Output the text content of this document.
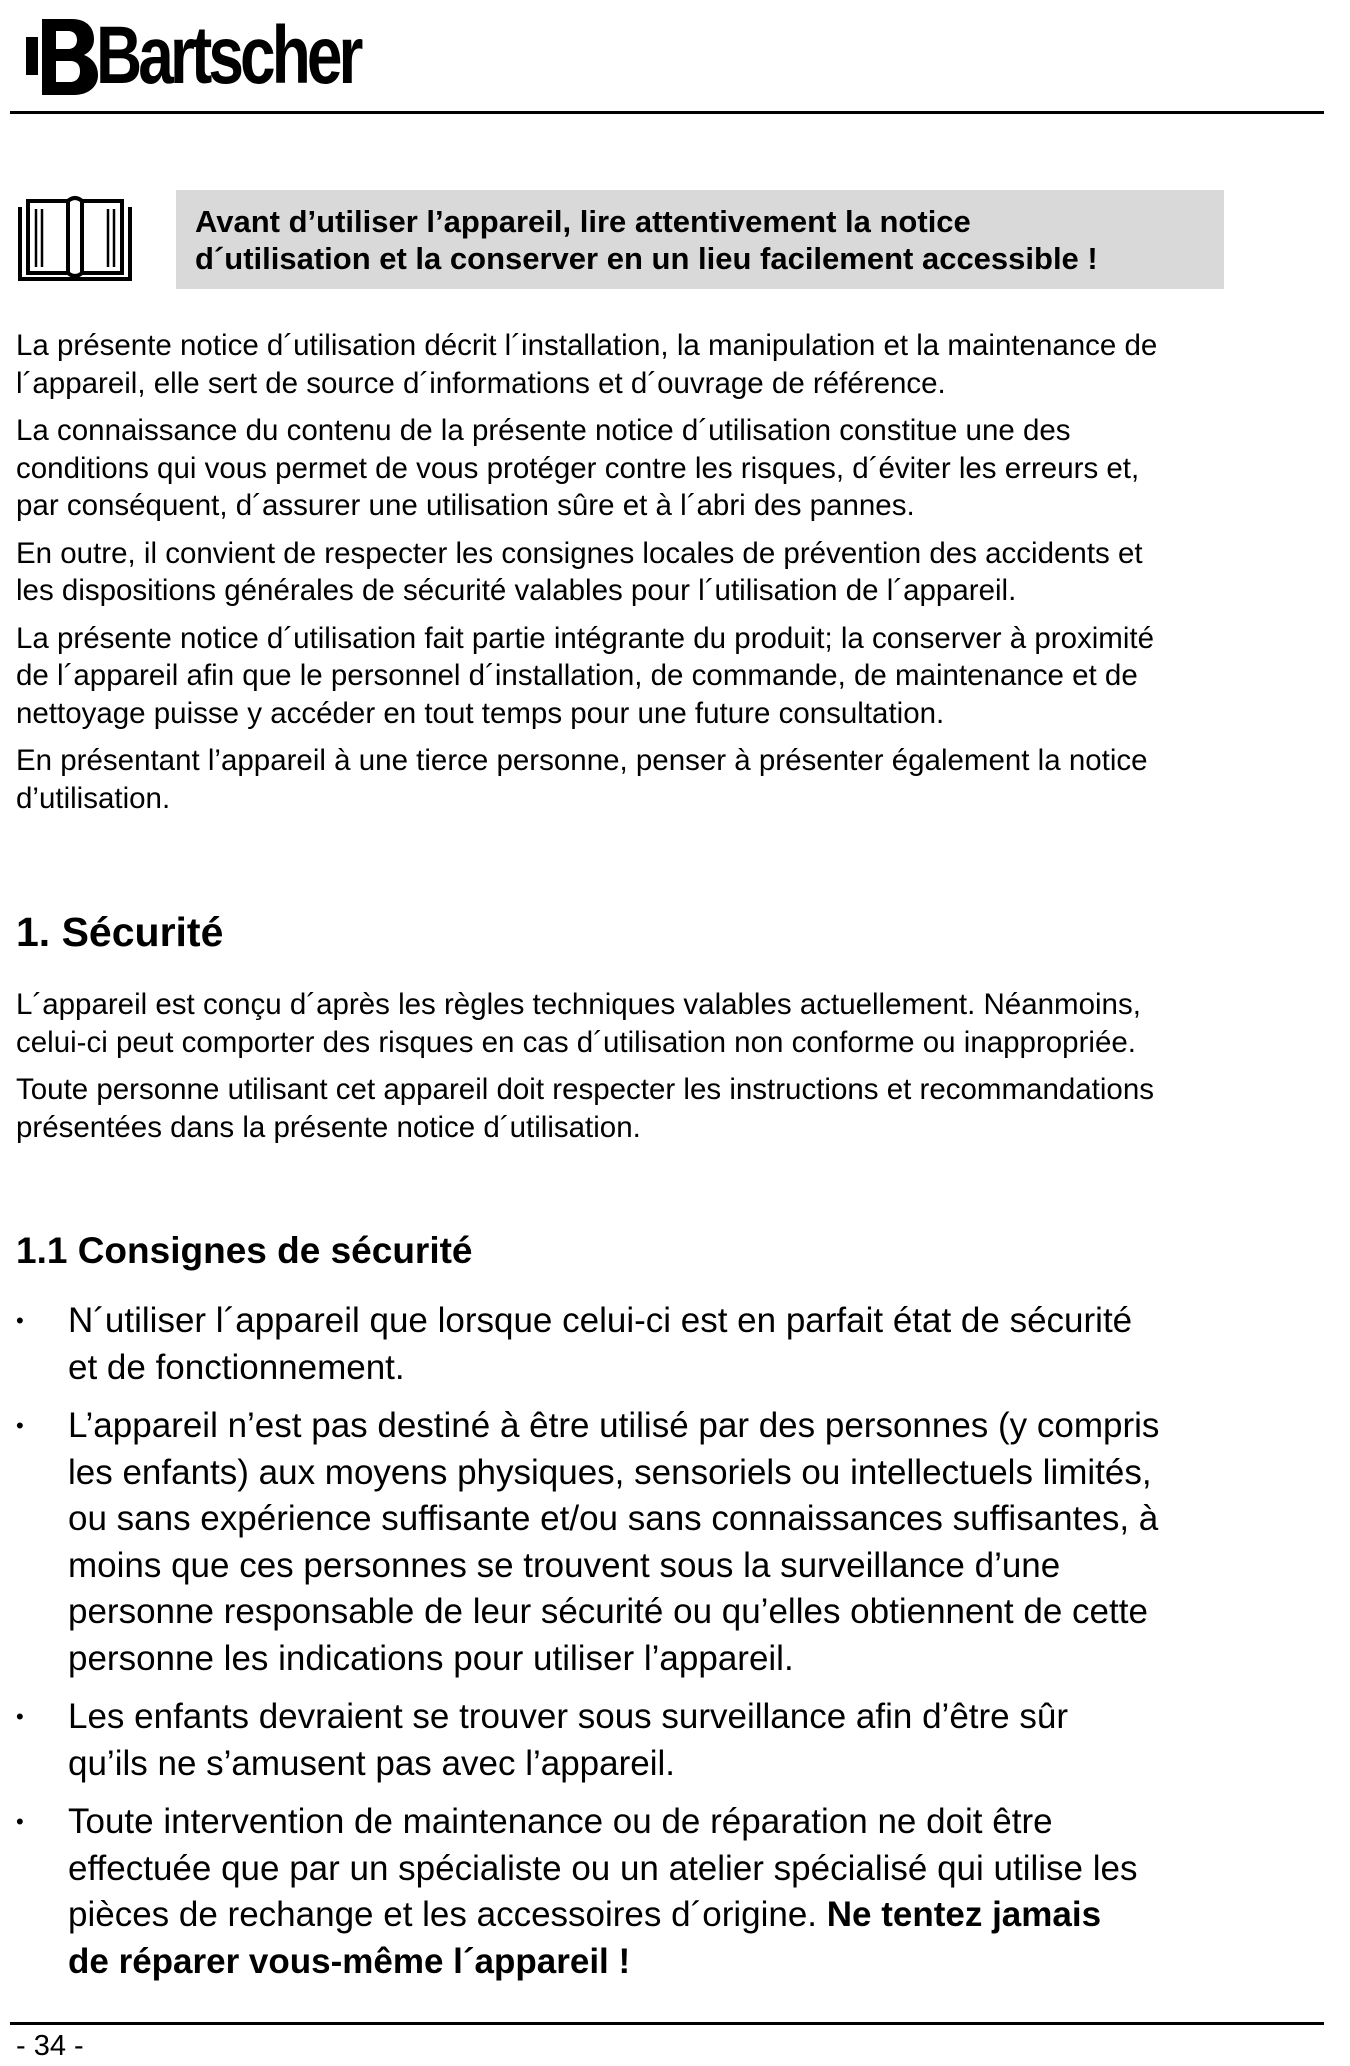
Bartscher
Avant d’utiliser l’appareil, lire attentivement la notice
d´utilisation et la conserver en un lieu facilement accessible !

La présente notice d´utilisation décrit l´installation, la manipulation et la maintenance de
l´appareil, elle sert de source d´informations et d´ouvrage de référence.

La connaissance du contenu de la présente notice d´utilisation constitue une des
conditions qui vous permet de vous protéger contre les risques, d´éviter les erreurs et,
par conséquent, d´assurer une utilisation sûre et à l´abri des pannes.

En outre, il convient de respecter les consignes locales de prévention des accidents et
les dispositions générales de sécurité valables pour l´utilisation de l´appareil.

La présente notice d´utilisation fait partie intégrante du produit; la conserver à proximité
de l´appareil afin que le personnel d´installation, de commande, de maintenance et de
nettoyage puisse y accéder en tout temps pour une future consultation.

En présentant l’appareil à une tierce personne, penser à présenter également la notice
d’utilisation.

1. Sécurité

L´appareil est conçu d´après les règles techniques valables actuellement. Néanmoins,
celui-ci peut comporter des risques en cas d´utilisation non conforme ou inappropriée.

Toute personne utilisant cet appareil doit respecter les instructions et recommandations
présentées dans la présente notice d´utilisation.

1.1 Consignes de sécurité
•	N´utiliser l´appareil que lorsque celui-ci est en parfait état de sécurité
et de fonctionnement.
•	L’appareil n’est pas destiné à être utilisé par des personnes (y compris
les enfants) aux moyens physiques, sensoriels ou intellectuels limités,
ou sans expérience suffisante et/ou sans connaissances suffisantes, à
moins que ces personnes se trouvent sous la surveillance d’une
personne responsable de leur sécurité ou qu’elles obtiennent de cette
personne les indications pour utiliser l’appareil.
•	Les enfants devraient se trouver sous surveillance afin d’être sûr
qu’ils ne s’amusent pas avec l’appareil.
•	Toute intervention de maintenance ou de réparation ne doit être
effectuée que par un spécialiste ou un atelier spécialisé qui utilise les
pièces de rechange et les accessoires d´origine. Ne tentez jamais
de réparer vous-même l´appareil !
- 34 -
